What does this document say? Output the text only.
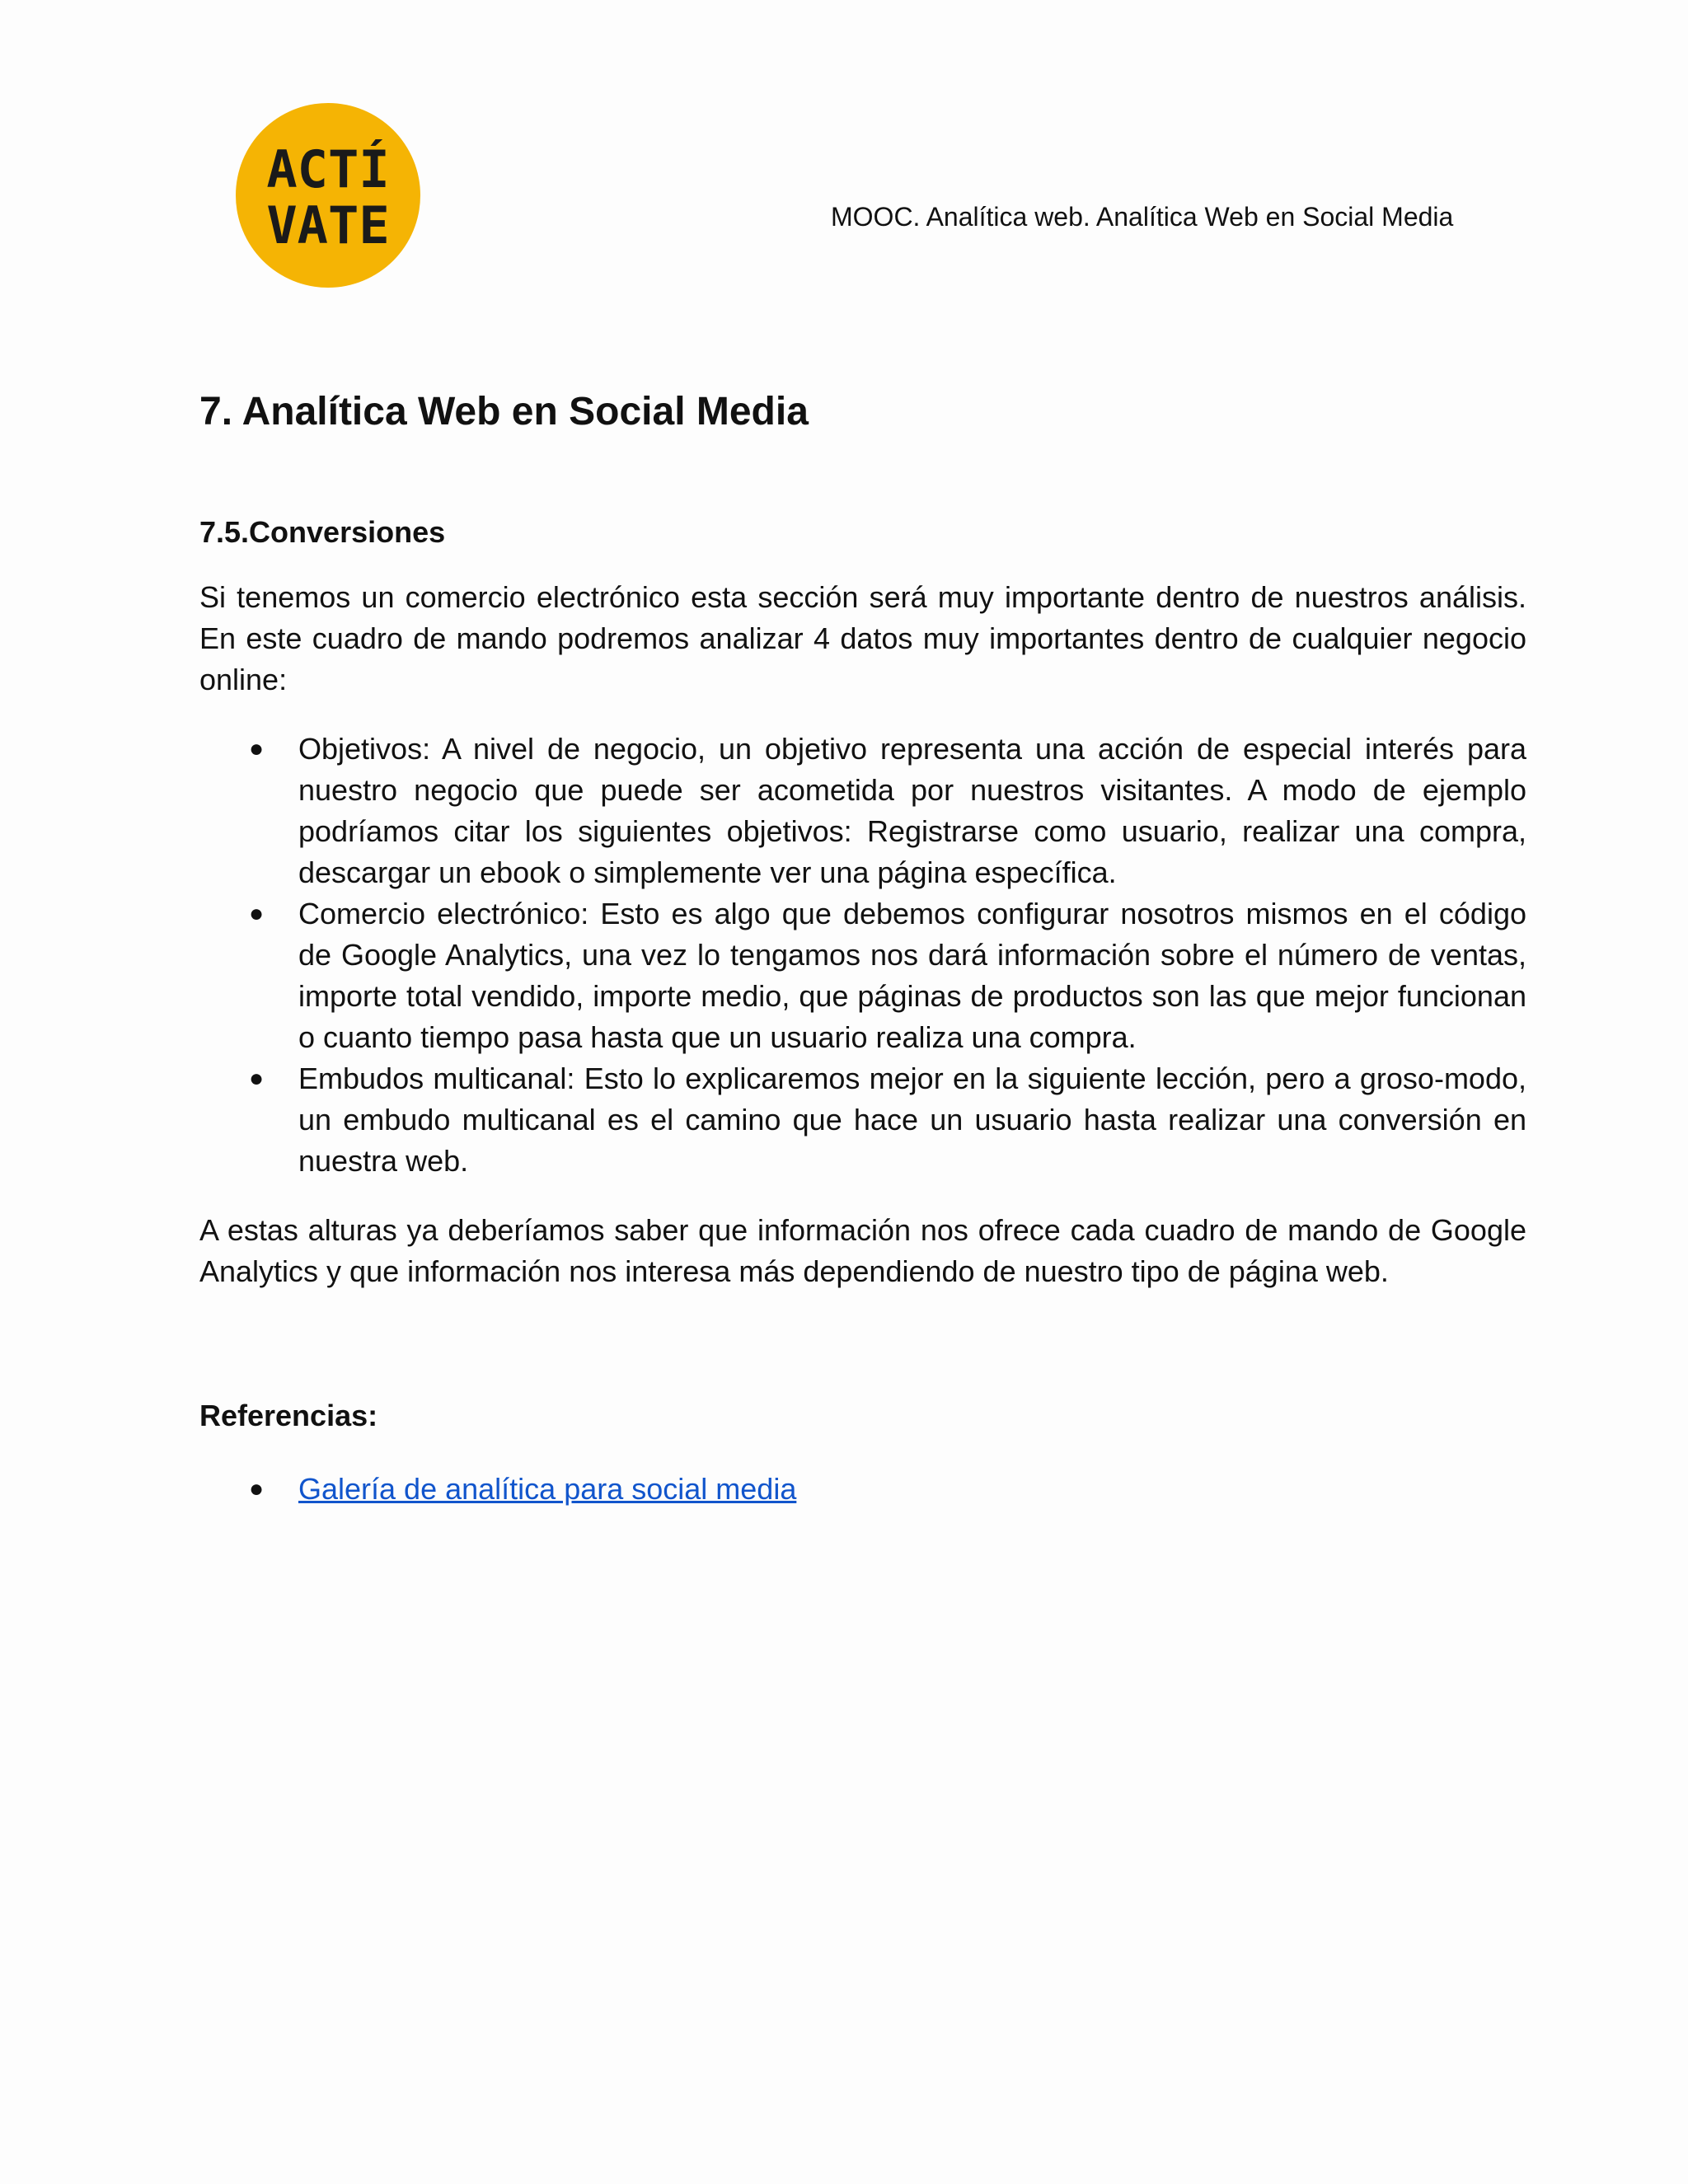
ACTÍ
VATE	MOOC. Analítica web. Analítica Web en Social Media
7. Analítica Web en Social Media
7.5.Conversiones

Si tenemos un comercio electrónico esta sección será muy importante dentro de nuestros análisis. En este cuadro de mando podremos analizar 4 datos muy importantes dentro de cualquier negocio online:

● Objetivos: A nivel de negocio, un objetivo representa una acción de especial interés para nuestro negocio que puede ser acometida por nuestros visitantes. A modo de ejemplo podríamos citar los siguientes objetivos: Registrarse como usuario, realizar una compra, descargar un ebook o simplemente ver una página específica.
● Comercio electrónico: Esto es algo que debemos configurar nosotros mismos en el código de Google Analytics, una vez lo tengamos nos dará información sobre el número de ventas, importe total vendido, importe medio, que páginas de productos son las que mejor funcionan o cuanto tiempo pasa hasta que un usuario realiza una compra.
● Embudos multicanal: Esto lo explicaremos mejor en la siguiente lección, pero a groso-modo, un embudo multicanal es el camino que hace un usuario hasta realizar una conversión en nuestra web.

A estas alturas ya deberíamos saber que información nos ofrece cada cuadro de mando de Google Analytics y que información nos interesa más dependiendo de nuestro tipo de página web.

Referencias:
● Galería de analítica para social media
